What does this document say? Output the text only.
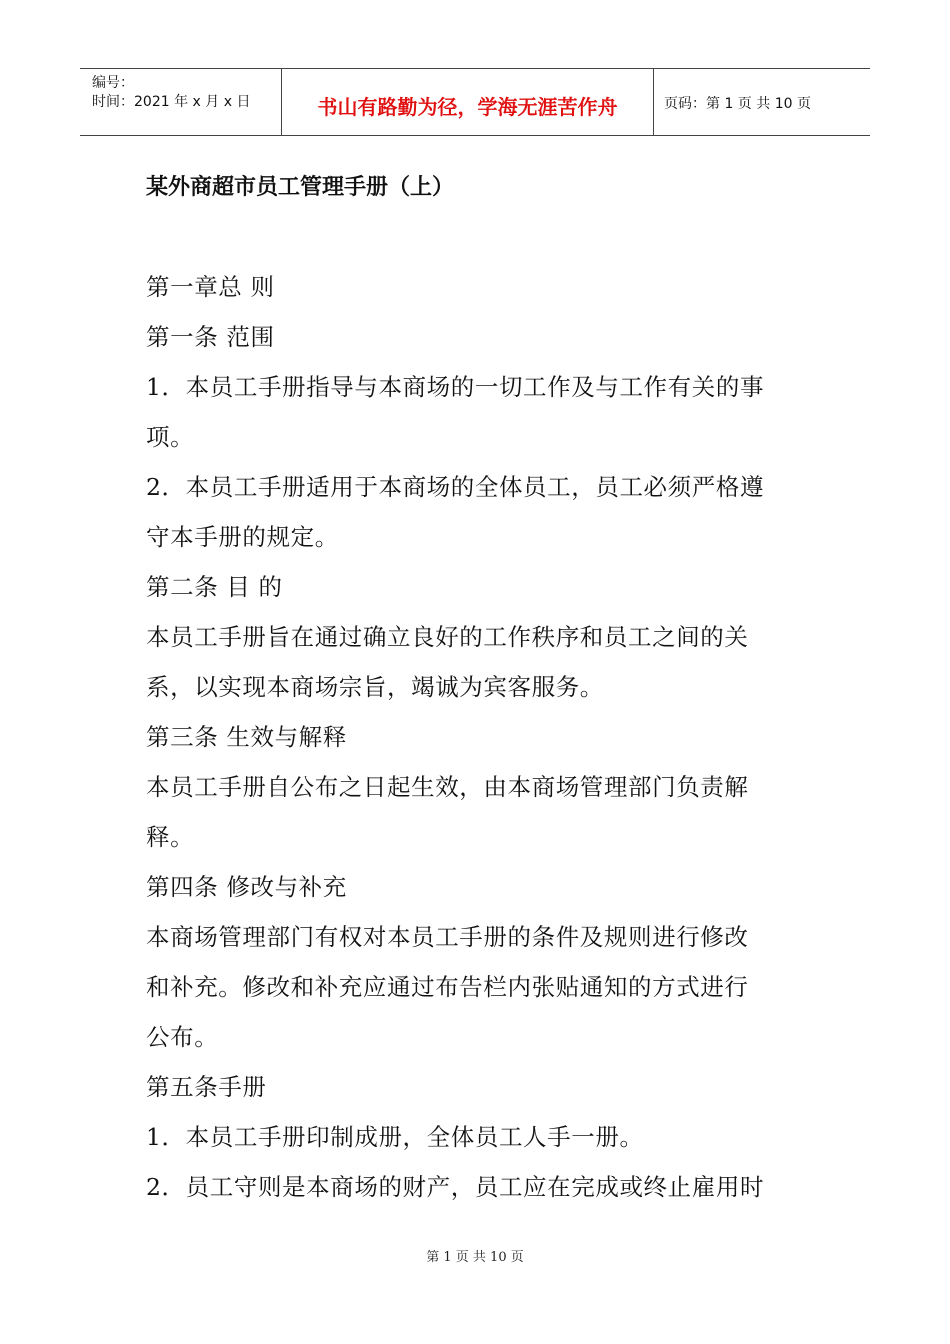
编号：
时间：2021 年 x 月 x 日	书山有路勤为径，学海无涯苦作舟	页码：第 1 页 共 10 页
某外商超市员工管理手册（上）
第一章总 则
第一条 范围
1．本员工手册指导与本商场的一切工作及与工作有关的事
项。
2．本员工手册适用于本商场的全体员工，员工必须严格遵
守本手册的规定。
第二条 目 的
本员工手册旨在通过确立良好的工作秩序和员工之间的关
系，以实现本商场宗旨，竭诚为宾客服务。
第三条 生效与解释
本员工手册自公布之日起生效，由本商场管理部门负责解
释。
第四条 修改与补充
本商场管理部门有权对本员工手册的条件及规则进行修改
和补充。修改和补充应通过布告栏内张贴通知的方式进行
公布。
第五条手册
1．本员工手册印制成册，全体员工人手一册。
2．员工守则是本商场的财产，员工应在完成或终止雇用时
第 1 页 共 10 页
